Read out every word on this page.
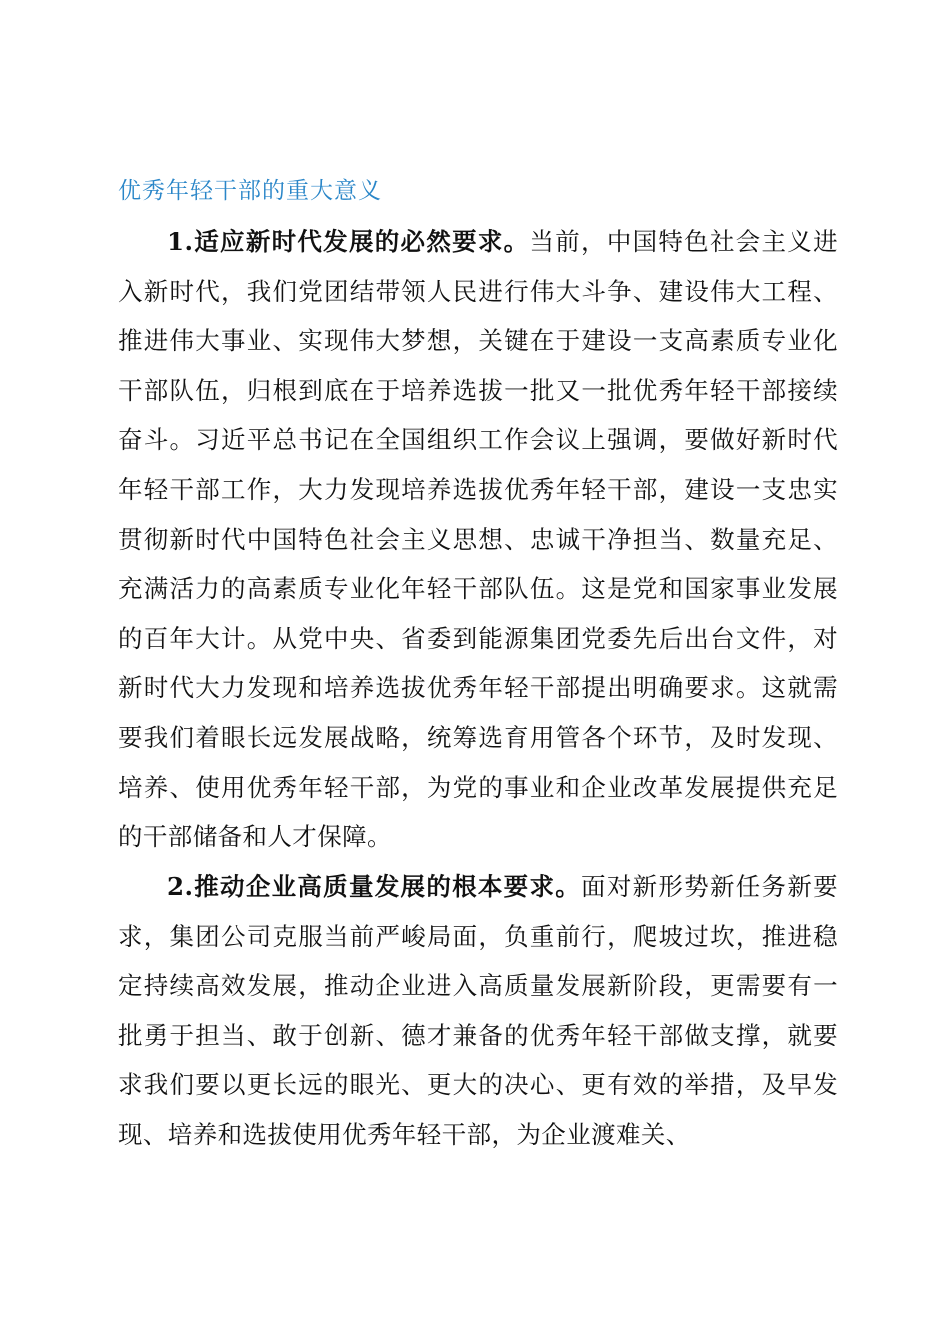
优秀年轻干部的重大意义

1.适应新时代发展的必然要求。当前，中国特色社会主义进入新时代，我们党团结带领人民进行伟大斗争、建设伟大工程、推进伟大事业、实现伟大梦想，关键在于建设一支高素质专业化干部队伍，归根到底在于培养选拔一批又一批优秀年轻干部接续奋斗。习近平总书记在全国组织工作会议上强调，要做好新时代年轻干部工作，大力发现培养选拔优秀年轻干部，建设一支忠实贯彻新时代中国特色社会主义思想、忠诚干净担当、数量充足、充满活力的高素质专业化年轻干部队伍。这是党和国家事业发展的百年大计。从党中央、省委到能源集团党委先后出台文件，对新时代大力发现和培养选拔优秀年轻干部提出明确要求。这就需要我们着眼长远发展战略，统筹选育用管各个环节，及时发现、培养、使用优秀年轻干部，为党的事业和企业改革发展提供充足的干部储备和人才保障。

2.推动企业高质量发展的根本要求。面对新形势新任务新要求，集团公司克服当前严峻局面，负重前行，爬坡过坎，推进稳定持续高效发展，推动企业进入高质量发展新阶段，更需要有一批勇于担当、敢于创新、德才兼备的优秀年轻干部做支撑，就要求我们要以更长远的眼光、更大的决心、更有效的举措，及早发现、培养和选拔使用优秀年轻干部，为企业渡难关、
